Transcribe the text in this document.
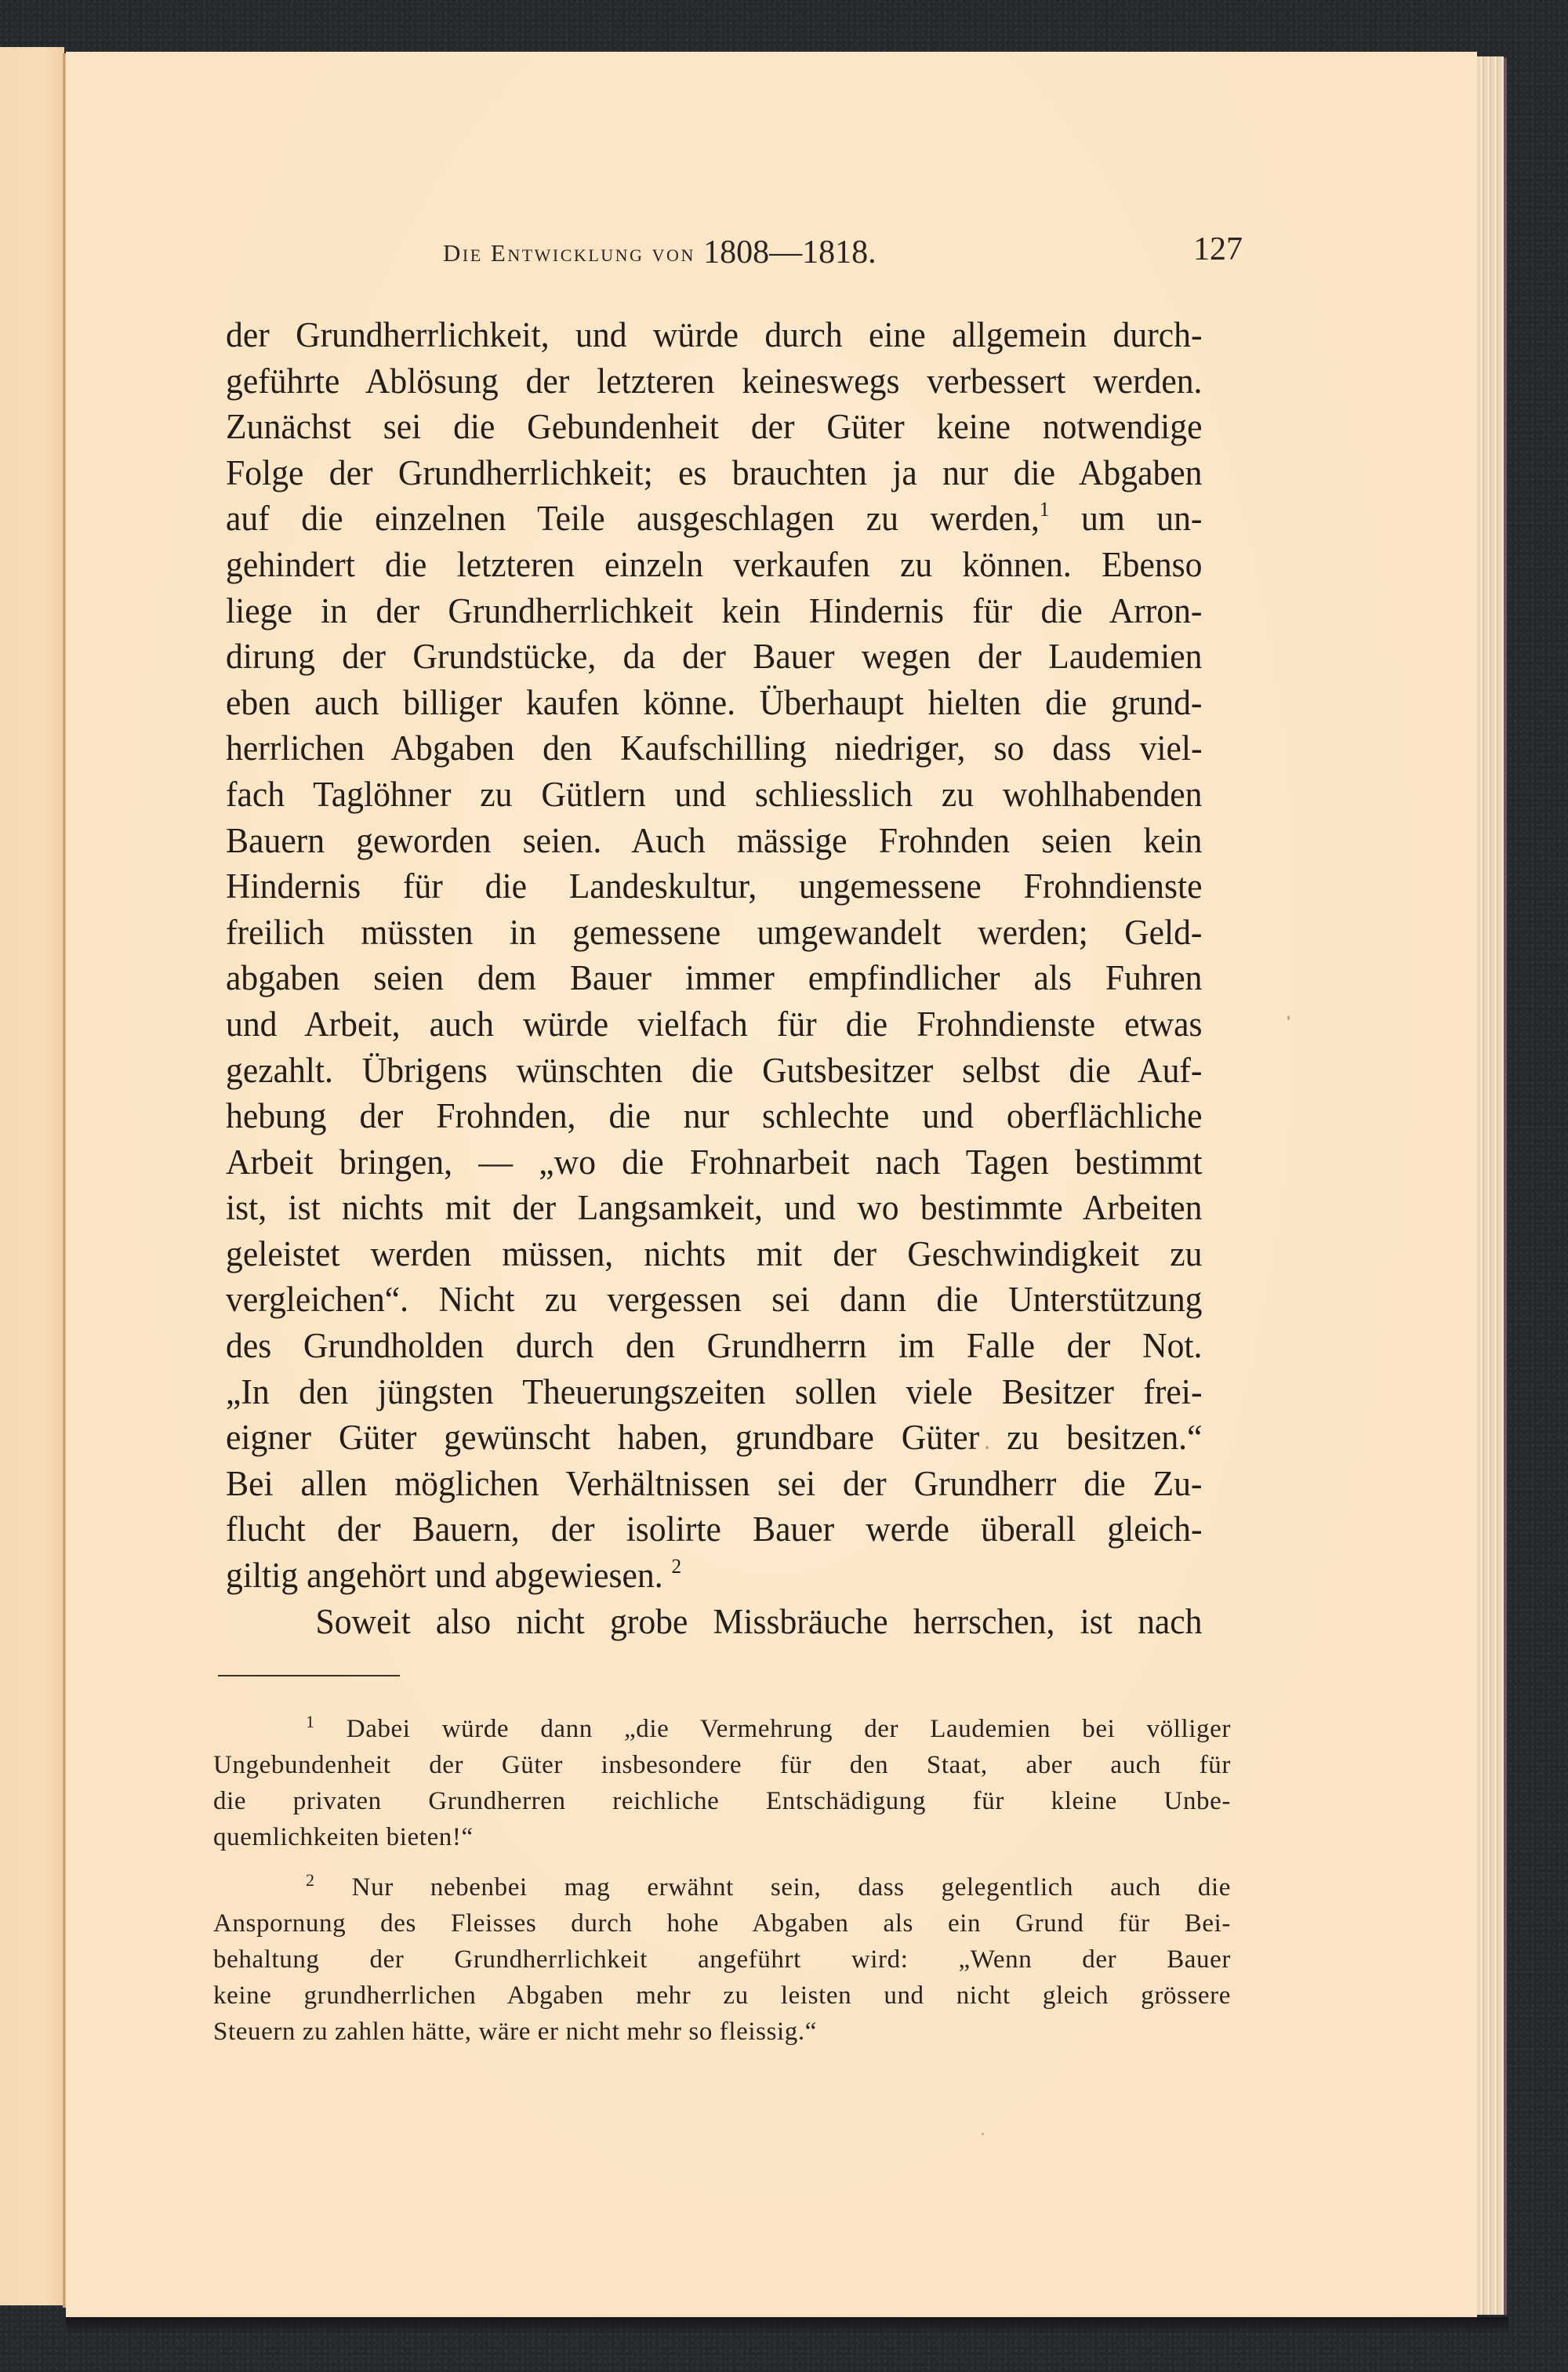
Die Entwicklung von 1808—1818.	127
der Grundherrlichkeit, und würde durch eine allgemein durch-
geführte Ablösung der letzteren keineswegs verbessert werden.
Zunächst sei die Gebundenheit der Güter keine notwendige
Folge der Grundherrlichkeit; es brauchten ja nur die Abgaben
auf die einzelnen Teile ausgeschlagen zu werden,$^1$ um un-
gehindert die letzteren einzeln verkaufen zu können. Ebenso
liege in der Grundherrlichkeit kein Hindernis für die Arron-
dirung der Grundstücke, da der Bauer wegen der Laudemien
eben auch billiger kaufen könne. Überhaupt hielten die grund-
herrlichen Abgaben den Kaufschilling niedriger, so dass viel-
fach Taglöhner zu Gütlern und schliesslich zu wohlhabenden
Bauern geworden seien. Auch mässige Frohnden seien kein
Hindernis für die Landeskultur, ungemessene Frohndienste
freilich müssten in gemessene umgewandelt werden; Geld-
abgaben seien dem Bauer immer empfindlicher als Fuhren
und Arbeit, auch würde vielfach für die Frohndienste etwas
gezahlt. Übrigens wünschten die Gutsbesitzer selbst die Auf-
hebung der Frohnden, die nur schlechte und oberflächliche
Arbeit bringen, — „wo die Frohnarbeit nach Tagen bestimmt
ist, ist nichts mit der Langsamkeit, und wo bestimmte Arbeiten
geleistet werden müssen, nichts mit der Geschwindigkeit zu
vergleichen“. Nicht zu vergessen sei dann die Unterstützung
des Grundholden durch den Grundherrn im Falle der Not.
„In den jüngsten Theuerungszeiten sollen viele Besitzer frei-
eigner Güter gewünscht haben, grundbare Güter zu besitzen.“
Bei allen möglichen Verhältnissen sei der Grundherr die Zu-
flucht der Bauern, der isolirte Bauer werde überall gleich-
giltig angehört und abgewiesen. $^2$
Soweit also nicht grobe Missbräuche herrschen, ist nach
$^1$ Dabei würde dann „die Vermehrung der Laudemien bei völliger
Ungebundenheit der Güter insbesondere für den Staat, aber auch für
die privaten Grundherren reichliche Entschädigung für kleine Unbe-
quemlichkeiten bieten!“
$^2$ Nur nebenbei mag erwähnt sein, dass gelegentlich auch die
Anspornung des Fleisses durch hohe Abgaben als ein Grund für Bei-
behaltung der Grundherrlichkeit angeführt wird: „Wenn der Bauer
keine grundherrlichen Abgaben mehr zu leisten und nicht gleich grössere
Steuern zu zahlen hätte, wäre er nicht mehr so fleissig.“
